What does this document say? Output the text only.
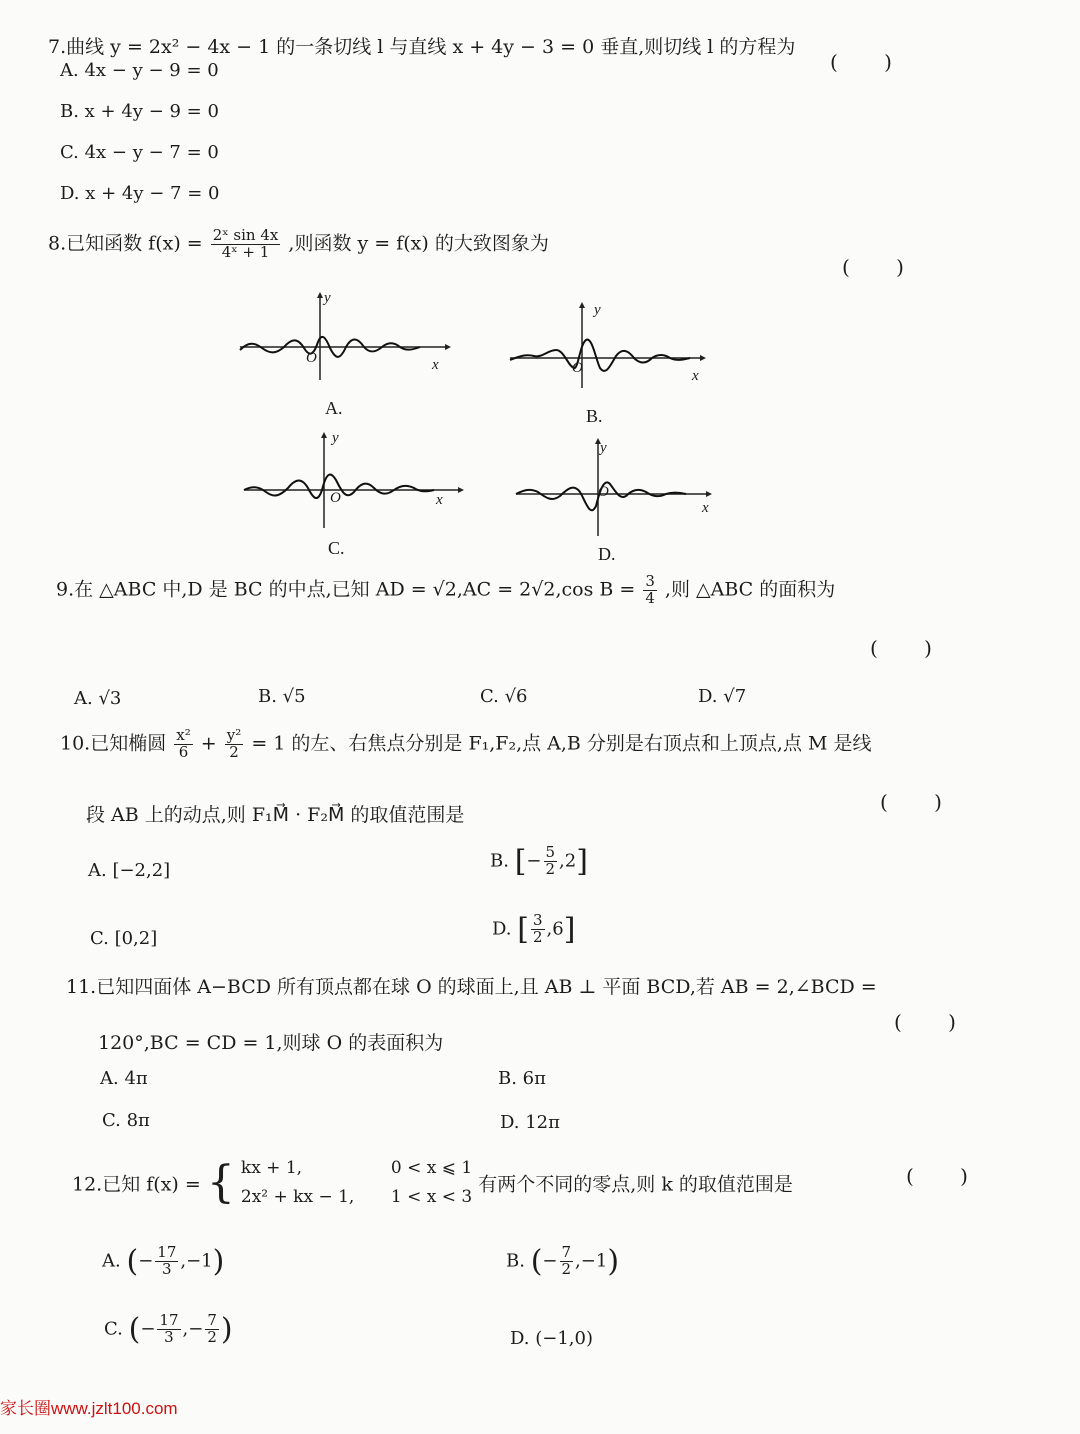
7.曲线 y = 2x² − 4x − 1 的一条切线 l 与直线 x + 4y − 3 = 0 垂直,则切线 l 的方程为
( )
A. 4x − y − 9 = 0
B. x + 4y − 9 = 0
C. 4x − y − 7 = 0
D. x + 4y − 7 = 0
8.已知函数 $f(x) = \frac{\text{2ˣ sin 4x}}{\text{4ˣ + 1}}$ ,则函数 y = f(x) 的大致图象为
( )
y
O	x
A.
y
O	x
B.
y
O	x
C.
y
O
x
D.
9.在 △ABC 中,D 是 BC 的中点,已知 AD = √2,AC = 2√2,cos $B = \frac{3}{4}$ ,则 △ABC 的面积为
( )
A. √3	B. √5	C. √6	D. √7
10.已知椭圆 $\frac{\text{x²}}{6} + \frac{\text{y²}}{2} = 1$ 的左、右焦点分别是 F₁,F₂,点 A,B 分别是右顶点和上顶点,点 M 是线
段 AB 上的动点,则 F₁M⃗ · F₂M⃗ 的取值范围是
( )
A. [−2,2]	B. [− $\frac{5}{2} ,2$]
C. [0,2]	D. [ $\frac{3}{2} ,6$]
11.已知四面体 A−BCD 所有顶点都在球 O 的球面上,且 AB ⊥ 平面 BCD,若 AB = 2,∠BCD =
120°,BC = CD = 1,则球 O 的表面积为
( )
A. 4π	B. 6π
C. 8π	D. 12π
12.已知 f(x) = { kx + 1,	0 < x ⩽ 1
2x² + kx − 1, 1 < x < 3
有两个不同的零点,则 k 的取值范围是	( )
A. (− $\frac{17}{3} ,-1$)	B. (− $\frac{7}{2} ,-1$)
C. (− $\frac{17}{3}$ ,− $\frac{7}{2}$ )	D. (−1,0)
家长圈www.jzlt100.com
